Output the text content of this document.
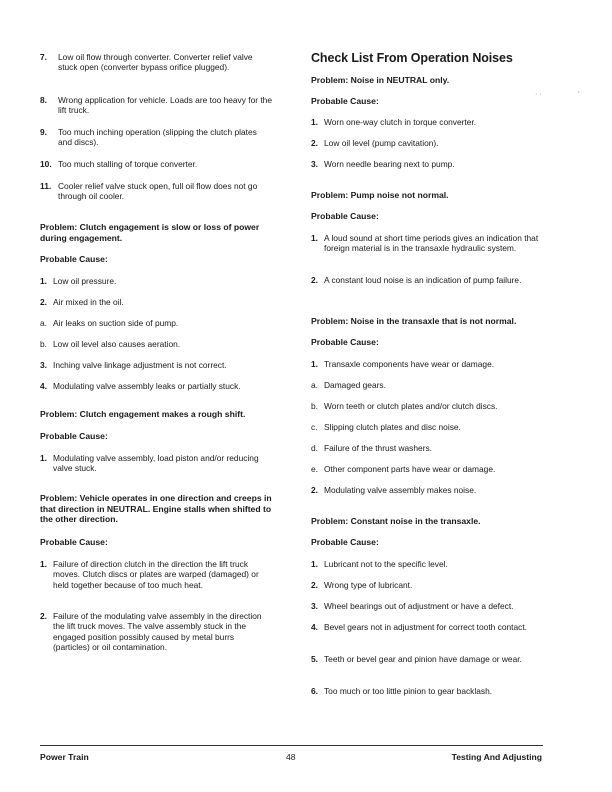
7. Low oil flow through converter. Converter relief valve stuck open (converter bypass orifice plugged).
8. Wrong application for vehicle. Loads are too heavy for the lift truck.
9. Too much inching operation (slipping the clutch plates and discs).
10. Too much stalling of torque converter.
11. Cooler relief valve stuck open, full oil flow does not go through oil cooler.

Problem: Clutch engagement is slow or loss of power during engagement.

Probable Cause:

1. Low oil pressure.
2. Air mixed in the oil.
a. Air leaks on suction side of pump.
b. Low oil level also causes aeration.
3. Inching valve linkage adjustment is not correct.
4. Modulating valve assembly leaks or partially stuck.

Problem: Clutch engagement makes a rough shift.

Probable Cause:

1. Modulating valve assembly, load piston and/or reducing valve stuck.

Problem: Vehicle operates in one direction and creeps in that direction in NEUTRAL. Engine stalls when shifted to the other direction.

Probable Cause:

1. Failure of direction clutch in the direction the lift truck moves. Clutch discs or plates are warped (damaged) or held together because of too much heat.
2. Failure of the modulating valve assembly in the direction the lift truck moves. The valve assembly stuck in the engaged position possibly caused by metal burrs (particles) or oil contamination.

Check List From Operation Noises

Problem: Noise in NEUTRAL only.

Probable Cause:

1. Worn one-way clutch in torque converter.
2. Low oil level (pump cavitation).
3. Worn needle bearing next to pump.

Problem: Pump noise not normal.

Probable Cause:

1. A loud sound at short time periods gives an indication that foreign material is in the transaxle hydraulic system.
2. A constant loud noise is an indication of pump failure.

Problem: Noise in the transaxle that is not normal.

Probable Cause:

1. Transaxle components have wear or damage.
a. Damaged gears.
b. Worn teeth or clutch plates and/or clutch discs.
c. Slipping clutch plates and disc noise.
d. Failure of the thrust washers.
e. Other component parts have wear or damage.
2. Modulating valve assembly makes noise.

Problem: Constant noise in the transaxle.

Probable Cause:

1. Lubricant not to the specific level.
2. Wrong type of lubricant.
3. Wheel bearings out of adjustment or have a defect.
4. Bevel gears not in adjustment for correct tooth contact.
5. Teeth or bevel gear and pinion have damage or wear.
6. Too much or too little pinion to gear backlash.
· ·
˛
Power Train	48	Testing And Adjusting
